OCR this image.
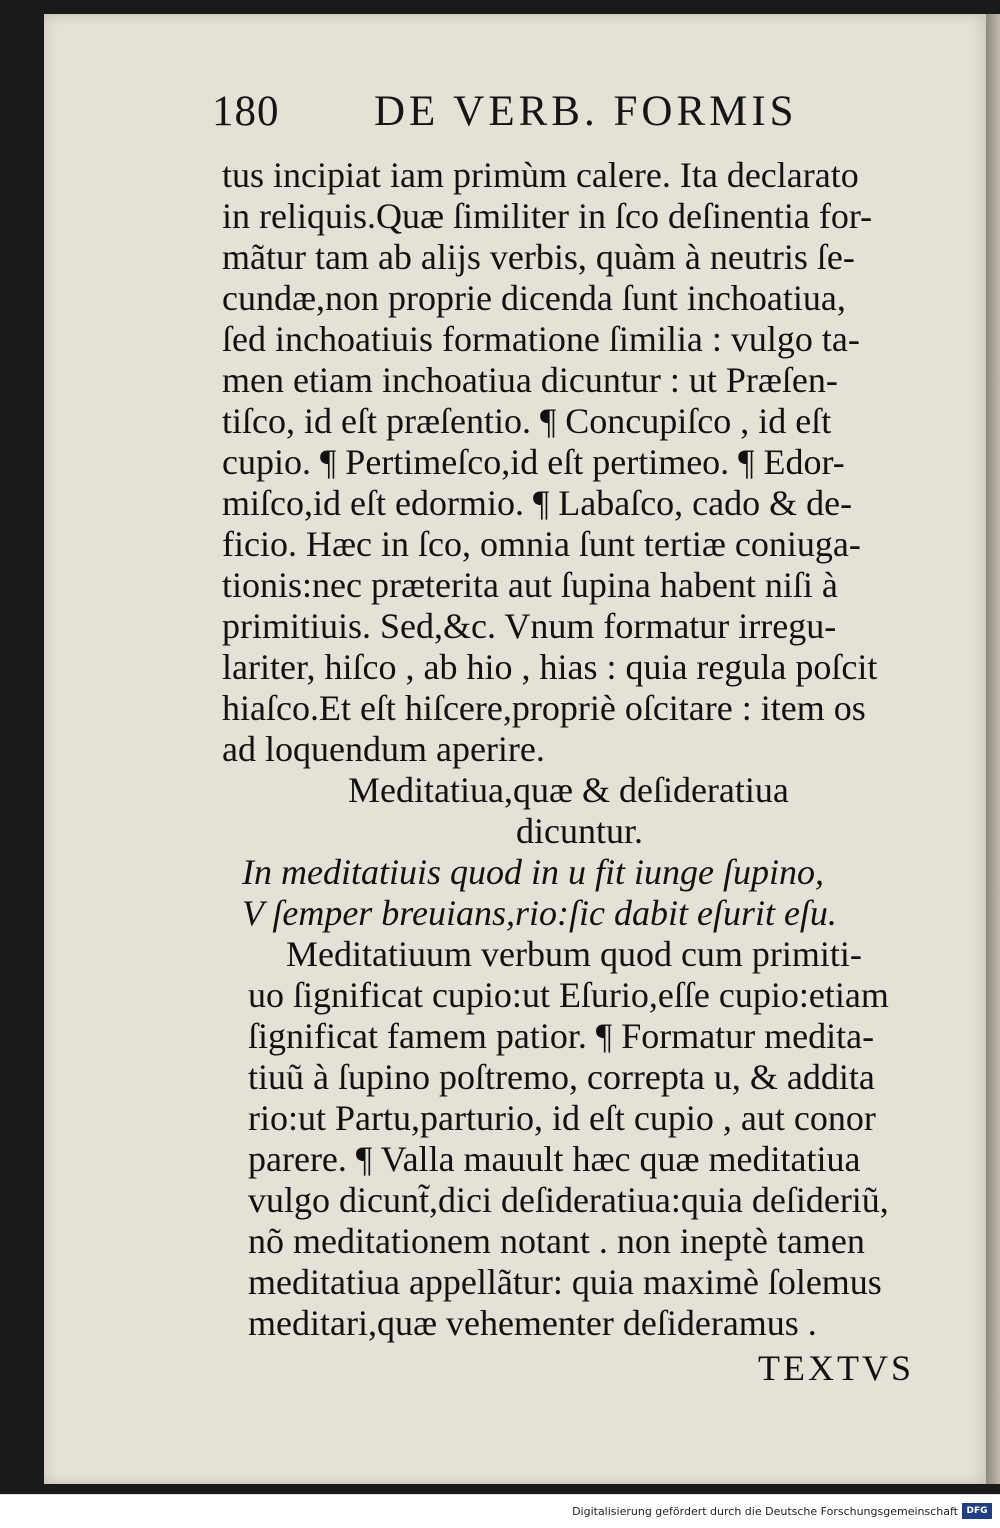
180 DE VERB. FORMIS
tus incipiat iam primùm calere. Ita declarato
in reliquis.Quæ ſimiliter in ſco deſinentia for-
mãtur tam ab alijs verbis, quàm à neutris ſe-
cundæ,non proprie dicenda ſunt inchoatiua,
ſed inchoatiuis formatione ſimilia : vulgo ta-
men etiam inchoatiua dicuntur : ut Præſen-
tiſco, id eſt præſentio. ¶ Concupiſco , id eſt
cupio. ¶ Pertimeſco,id eſt pertimeo. ¶ Edor-
miſco,id eſt edormio. ¶ Labaſco, cado & de-
ficio. Hæc in ſco, omnia ſunt tertiæ coniuga-
tionis:nec præterita aut ſupina habent niſi à
primitiuis. Sed,&c. Vnum formatur irregu-
lariter, hiſco , ab hio , hias : quia regula poſcit
hiaſco.Et eſt hiſcere,propriè oſcitare : item os
ad loquendum aperire.
Meditatiua,quæ & deſideratiua
dicuntur.
In meditatiuis quod in u fit iunge ſupino,
V ſemper breuians,rio:ſic dabit eſurit eſu.
Meditatiuum verbum quod cum primiti-
uo ſignificat cupio:ut Eſurio,eſſe cupio:etiam
ſignificat famem patior. ¶ Formatur medita-
tiuũ à ſupino poſtremo, correpta u, & addita
rio:ut Partu,parturio, id eſt cupio , aut conor
parere. ¶ Valla mauult hæc quæ meditatiua
vulgo dicunt̃,dici deſideratiua:quia deſideriũ,
nõ meditationem notant . non ineptè tamen
meditatiua appellãtur: quia maximè ſolemus
meditari,quæ vehementer deſideramus .
TEXTVS
Digitalisierung gefördert durch die Deutsche Forschungsgemeinschaft DFG
